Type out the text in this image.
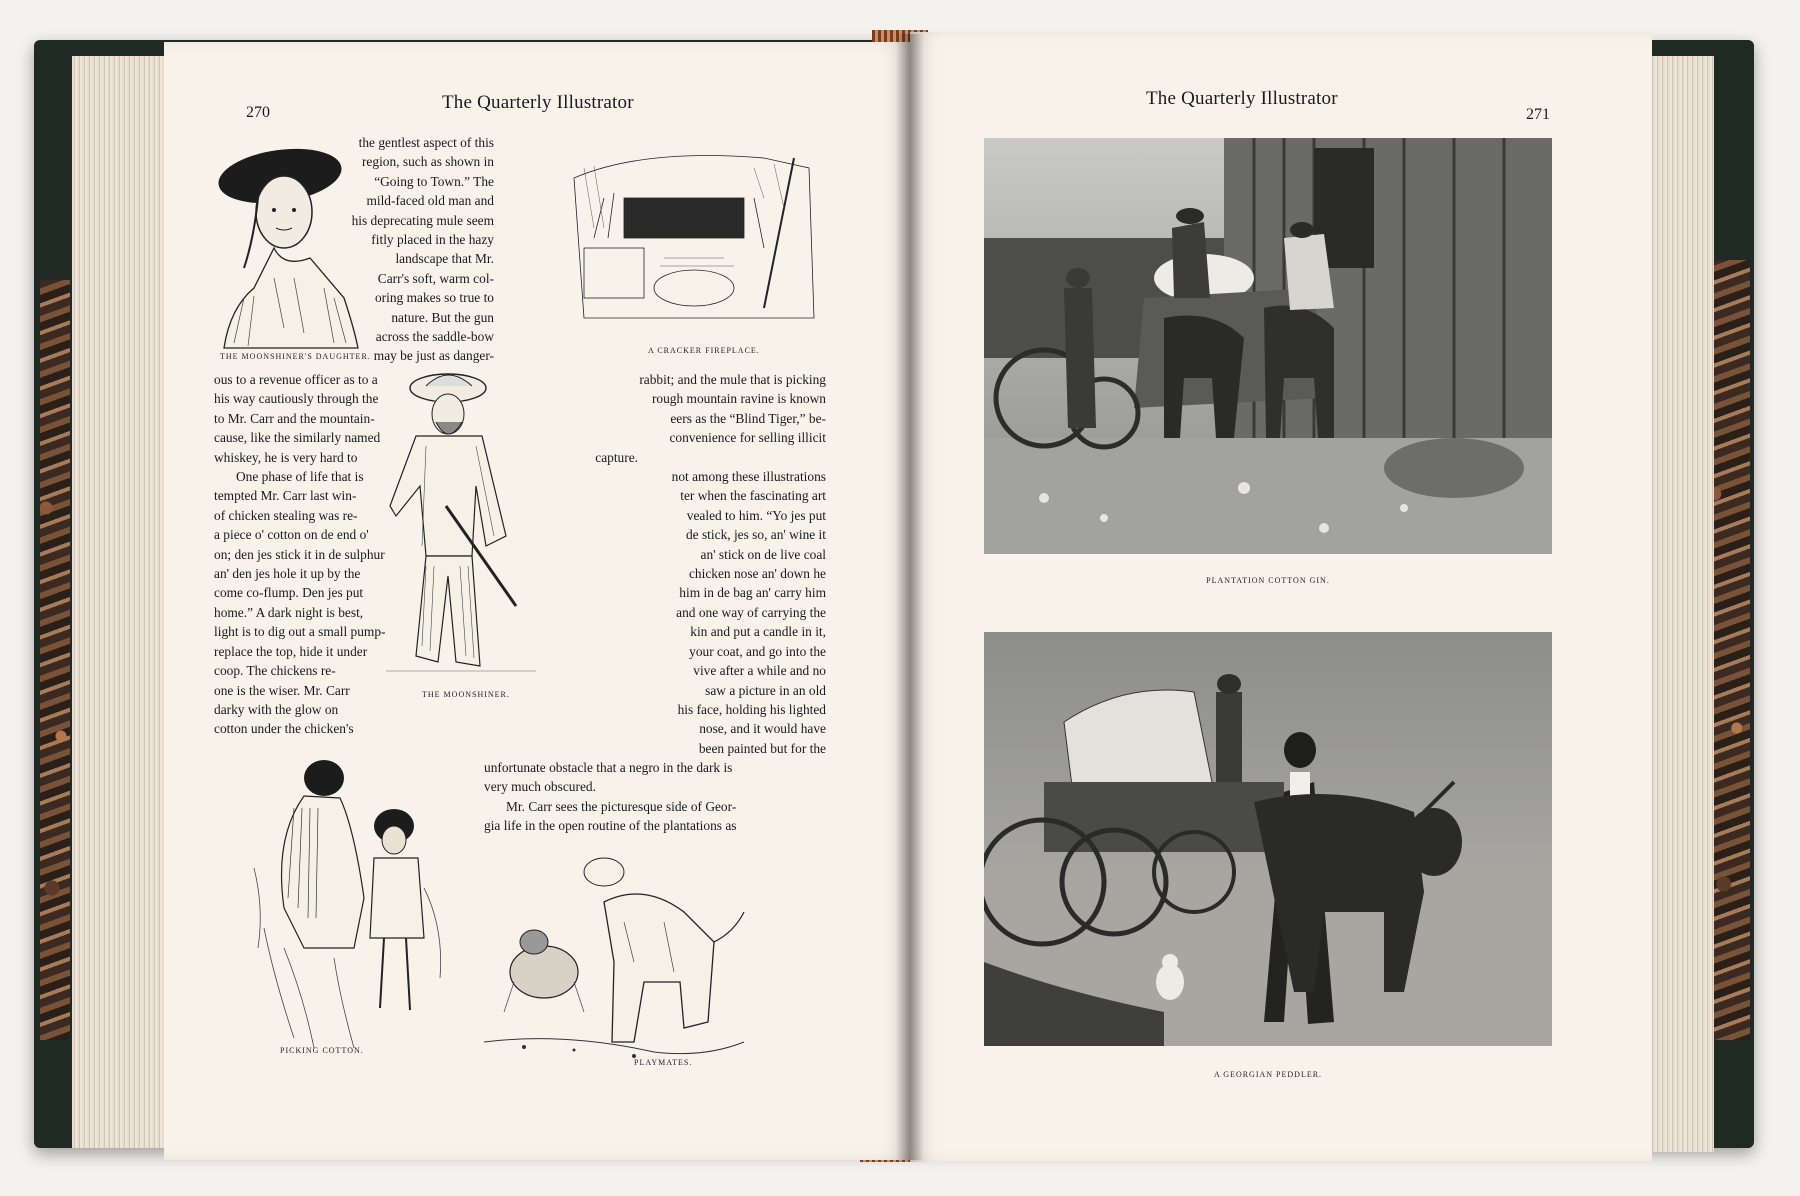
270	The Quarterly Illustrator
THE MOONSHINER'S DAUGHTER.
the gentlest aspect of this
region, such as shown in
“Going to Town.” The
mild-faced old man and
his deprecating mule seem
fitly placed in the hazy
landscape that Mr.
Carr's soft, warm col-
oring makes so true to
nature. But the gun
across the saddle-bow
may be just as danger-	A CRACKER FIREPLACE.
ous to a revenue officer as to a
his way cautiously through the
to Mr. Carr and the mountain-
cause, like the similarly named
whiskey, he is very hard to
One phase of life that is
tempted Mr. Carr last win-
of chicken stealing was re-
a piece o' cotton on de end o'
on; den jes stick it in de sulphur
an' den jes hole it up by the
come co-flump. Den jes put
home.” A dark night is best,
light is to dig out a small pump-
replace the top, hide it under
coop. The chickens re-
one is the wiser. Mr. Carr
darky with the glow on
cotton under the chicken's
THE MOONSHINER.
rabbit; and the mule that is picking
rough mountain ravine is known
eers as the “Blind Tiger,” be-
convenience for selling illicit
capture.
not among these illustrations
ter when the fascinating art
vealed to him. “Yo jes put
de stick, jes so, an' wine it
an' stick on de live coal
chicken nose an' down he
him in de bag an' carry him
and one way of carrying the
kin and put a candle in it,
your coat, and go into the
vive after a while and no
saw a picture in an old
his face, holding his lighted
nose, and it would have
been painted but for the
unfortunate obstacle that a negro in the dark is
very much obscured.
Mr. Carr sees the picturesque side of Geor-
gia life in the open routine of the plantations as
PICKING COTTON.
PLAYMATES.
The Quarterly Illustrator
271
PLANTATION COTTON GIN.
A GEORGIAN PEDDLER.
